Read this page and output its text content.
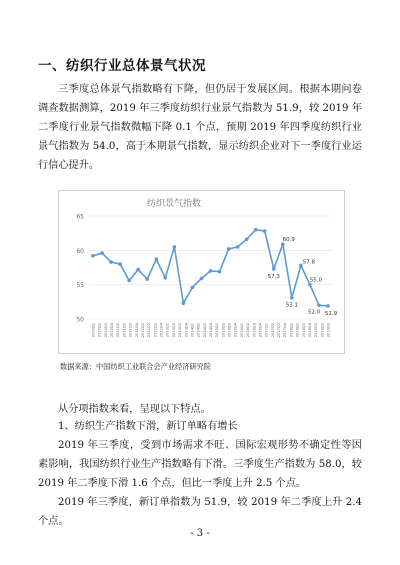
一、纺织行业总体景气状况

三季度总体景气指数略有下降，但仍居于发展区间。根据本期问卷调查数据测算，2019 年三季度纺织行业景气指数为 51.9，较 2019 年二季度行业景气指数微幅下降 0.1 个点，预期 2019 年四季度纺织行业景气指数为 54.0，高于本期景气指数，显示纺织企业对下一季度行业运行信心提升。

纺织景气指数
50
55
60
65
2010Q1 2010Q2 2010Q3 2010Q4 2011Q1 2011Q2 2011Q3 2011Q4 2012Q1 2012Q2 2012Q3 2012Q4 2013Q1 2013Q2 2013Q3 2013Q4 2014Q1 2014Q2 2014Q3 2014Q4 2015Q1 2015Q2 2015Q3 2015Q4 2016Q1 2016Q2 2016Q3 2016Q4 2017Q1 2017Q2 2017Q3 2017Q4 2018Q1 2018Q2 2018Q3 2018Q4 2019Q1 2019Q2 2019Q3
57.3
60.9
53.1
57.8
55.0
52.0 51.9
数据来源：中国纺织工业联合会产业经济研究院

从分项指数来看，呈现以下特点。

1、纺织生产指数下滑，新订单略有增长

2019 年三季度，受到市场需求不旺、国际宏观形势不确定性等因素影响，我国纺织行业生产指数略有下滑。三季度生产指数为 58.0，较 2019 年二季度下滑 1.6 个点，但比一季度上升 2.5 个点。

2019 年三季度，新订单指数为 51.9，较 2019 年二季度上升 2.4 个点。

- 3 -
